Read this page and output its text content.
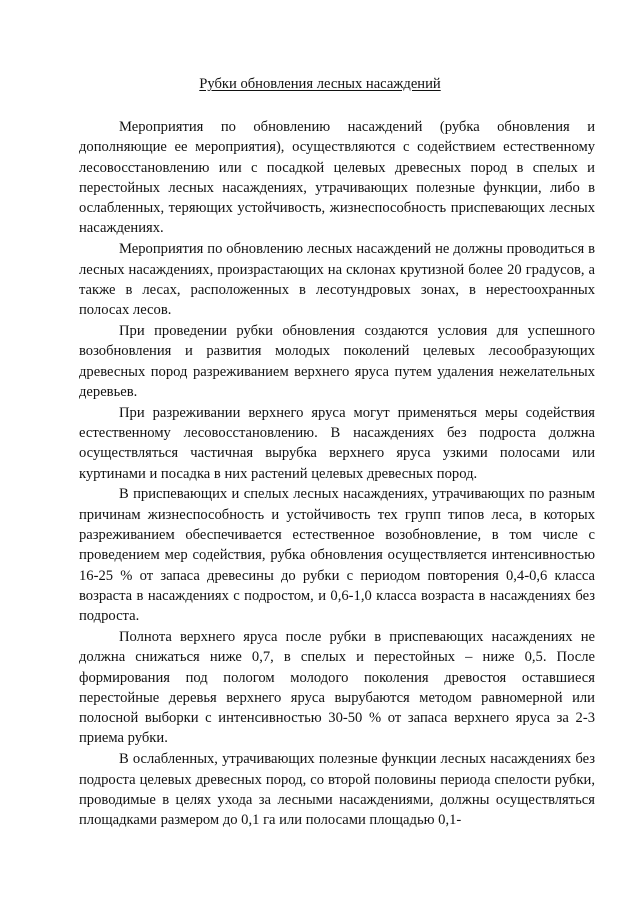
Рубки обновления лесных насаждений

Мероприятия по обновлению насаждений (рубка обновления и дополняющие ее мероприятия), осуществляются с содействием естественному лесовосстановлению или с посадкой целевых древесных пород в спелых и перестойных лесных насаждениях, утрачивающих полезные функции, либо в ослабленных, теряющих устойчивость, жизнеспособность приспевающих лесных насаждениях.

Мероприятия по обновлению лесных насаждений не должны проводиться в лесных насаждениях, произрастающих на склонах крутизной более 20 градусов, а также в лесах, расположенных в лесотундровых зонах, в нерестоохранных полосах лесов.

При проведении рубки обновления создаются условия для успешного возобновления и развития молодых поколений целевых лесообразующих древесных пород разреживанием верхнего яруса путем удаления нежелательных деревьев.

При разреживании верхнего яруса могут применяться меры содействия естественному лесовосстановлению. В насаждениях без подроста должна осуществляться частичная вырубка верхнего яруса узкими полосами или куртинами и посадка в них растений целевых древесных пород.

В приспевающих и спелых лесных насаждениях, утрачивающих по разным причинам жизнеспособность и устойчивость тех групп типов леса, в которых разреживанием обеспечивается естественное возобновление, в том числе с проведением мер содействия, рубка обновления осуществляется интенсивностью 16-25 % от запаса древесины до рубки с периодом повторения 0,4-0,6 класса возраста в насаждениях с подростом, и 0,6-1,0 класса возраста в насаждениях без подроста.

Полнота верхнего яруса после рубки в приспевающих насаждениях не должна снижаться ниже 0,7, в спелых и перестойных – ниже 0,5. После формирования под пологом молодого поколения древостоя оставшиеся перестойные деревья верхнего яруса вырубаются методом равномерной или полосной выборки с интенсивностью 30-50 % от запаса верхнего яруса за 2-3 приема рубки.

В ослабленных, утрачивающих полезные функции лесных насаждениях без подроста целевых древесных пород, со второй половины периода спелости рубки, проводимые в целях ухода за лесными насаждениями, должны осуществляться площадками размером до 0,1 га или полосами площадью 0,1-
